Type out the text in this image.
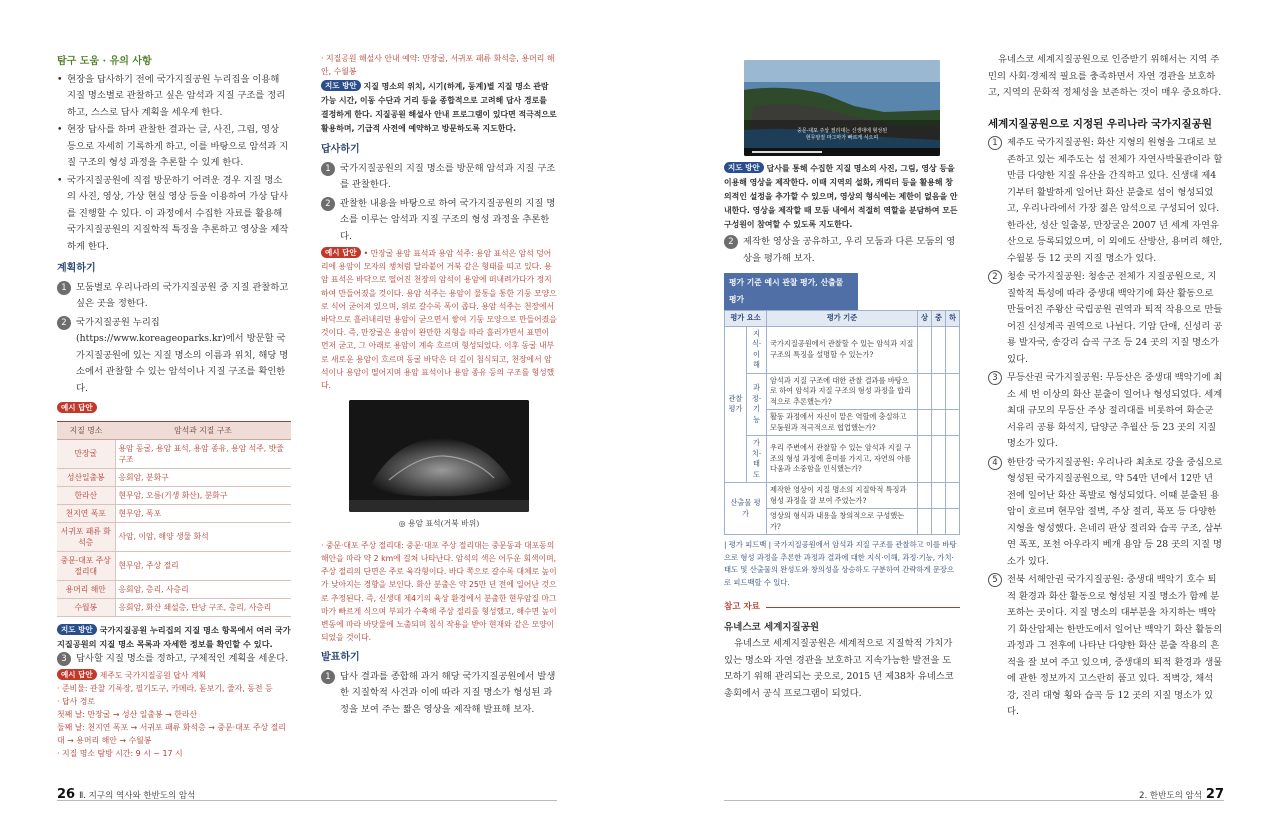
탐구 도움 · 유의 사항
• 현장을 답사하기 전에 국가지질공원 누리집을 이용해 지질 명소별로 관찰하고 싶은 암석과 지질 구조를 정리하고, 스스로 답사 계획을 세우게 한다.
• 현장 답사를 하며 관찰한 결과는 글, 사진, 그림, 영상 등으로 자세히 기록하게 하고, 이를 바탕으로 암석과 지질 구조의 형성 과정을 추론할 수 있게 한다.
• 국가지질공원에 직접 방문하기 어려운 경우 지질 명소의 사진, 영상, 가상 현실 영상 등을 이용하여 가상 답사를 진행할 수 있다. 이 과정에서 수집한 자료를 활용해 국가지질공원의 지질학적 특징을 추론하고 영상을 제작하게 한다.
계획하기
1 모둠별로 우리나라의 국가지질공원 중 지질 관찰하고 싶은 곳을 정한다.
2 국가지질공원 누리집(https://www.koreageoparks.kr)에서 방문할 국가지질공원에 있는 지질 명소의 이름과 위치, 해당 명소에서 관찰할 수 있는 암석이나 지질 구조를 확인한다.
예시 답안
지질 명소	암석과 지질 구조
만장굴	용암 동굴, 용암 표석, 용암 종유, 용암 석주, 밧줄 구조
성산일출봉	응회암, 분화구
한라산	현무암, 오름(기생 화산), 분화구
천지연 폭포	현무암, 폭포
서귀포 패류 화석층	사암, 이암, 해양 생물 화석
중문·대포 주상절리대	현무암, 주상 절리
용머리 해안	응회암, 층리, 사층리
수월봉	응회암, 화산 쇄설층, 탄낭 구조, 층리, 사층리
지도 방안 국가지질공원 누리집의 지질 명소 항목에서 여러 국가지질공원의 지질 명소 목록과 자세한 정보를 확인할 수 있다.
3 답사할 지질 명소를 정하고, 구체적인 계획을 세운다.
예시 답안 제주도 국가지질공원 답사 계획
· 준비물: 관찰 기록장, 필기도구, 카메라, 돋보기, 줄자, 동전 등
· 답사 경로
첫째 날: 만장굴 → 성산 일출봉 → 한라산
둘째 날: 천지연 폭포 → 서귀포 패류 화석층 → 중문·대포 주상 절리대 → 용머리 해안 → 수월봉
· 지질 명소 탐방 시간: 9 시 ~ 17 시
· 지질공원 해설사 안내 예약: 만장굴, 서귀포 패류 화석층, 용머리 해안, 수월봉
지도 방안 지질 명소의 위치, 시기(하계, 동계)별 지질 명소 관람 가능 시간, 이동 수단과 거리 등을 종합적으로 고려해 답사 경로를 결정하게 한다. 지질공원 해설사 안내 프로그램이 있다면 적극적으로 활용하며, 기급적 사전에 예약하고 방문하도록 지도한다.
답사하기
1 국가지질공원의 지질 명소를 방문해 암석과 지질 구조를 관찰한다.
2 관찰한 내용을 바탕으로 하여 국가지질공원의 지질 명소를 이루는 암석과 지질 구조의 형성 과정을 추론한다.
예시 답안 • 만장굴 용암 표석과 용암 석주: 용암 표석은 암석 덩어리에 용암이 모자의 챙처럼 달라붙어 거북 같은 형태를 띠고 있다. 용암 표석은 바닥으로 떨어진 천장의 암석이 용암에 떠내려가다가 정지하여 만들어졌을 것이다. 용암 석주는 용암이 물통을 통한 기둥 모양으로 식어 굳어져 있으며, 위로 갈수록 폭이 좁다. 용암 석주는 천장에서 바닥으로 흘러내리던 용암이 굳으면서 쌓여 기둥 모양으로 만들어졌을 것이다. 즉, 만장굴은 용암이 완만한 지형을 따라 흘러가면서 표면이 먼저 굳고, 그 아래로 용암이 계속 흐르며 형성되었다. 이후 동굴 내부로 새로운 용암이 흐르며 동굴 바닥은 더 깊이 침식되고, 천장에서 암석이나 용암이 떨어지며 용암 표석이나 용암 종유 등의 구조를 형성했다.
◎ 용암 표석(거북 바위)
· 중문·대포 주상 절리대: 중문·대포 주상 절리대는 중문동과 대포동의 해안을 따라 약 2 km에 걸쳐 나타난다. 암석의 색은 어두운 회색이며, 주상 절리의 단면은 주로 육각형이다. 바다 쪽으로 갈수록 대체로 높이가 낮아지는 경향을 보인다. 화산 분출은 약 25만 년 전에 일어난 것으로 추정된다. 즉, 신생대 제4기의 육상 환경에서 분출한 현무암질 마그마가 빠르게 식으며 부피가 수축해 주상 절리를 형성했고, 해수면 높이 변동에 따라 바닷물에 노출되며 침식 작용을 받아 현재와 같은 모양이 되었을 것이다.
발표하기
1 답사 결과를 종합해 과거 해당 국가지질공원에서 발생한 지질학적 사건과 이에 따라 지질 명소가 형성된 과정을 보여 주는 짧은 영상을 제작해 발표해 보자.
중문·대포 주상 절리대는 신생대에 형성된
현무암질 마그마가 빠르게 식으며
지도 방안 답사를 통해 수집한 지질 명소의 사진, 그림, 영상 등을 이용해 영상을 제작한다. 이때 지역의 설화, 캐릭터 등을 활용해 창의적인 설정을 추가할 수 있으며, 영상의 형식에는 제한이 없음을 안내한다. 영상을 제작할 때 모둠 내에서 적절히 역할을 분담하여 모든 구성원이 참여할 수 있도록 지도한다.
2 제작한 영상을 공유하고, 우리 모둠과 다른 모둠의 영상을 평가해 보자.
평가 기준 예시 관찰 평가, 산출물 평가
평가 요소		평가 기준	상	중	하
관찰 평가	지식·이해	국가지질공원에서 관찰할 수 있는 암석과 지질 구조의 특징을 설명할 수 있는가?			
	과정·기능	암석과 지질 구조에 대한 관찰 결과를 바탕으로 하여 암석과 지질 구조의 형성 과정을 합리적으로 추론했는가?			
		활동 과정에서 자신이 맡은 역할에 충실하고 모둠원과 적극적으로 협업했는가?			
	가치·태도	우리 주변에서 관찰할 수 있는 암석과 지질 구조의 형성 과정에 흥미를 가지고, 자연의 아름다움과 소중함을 인식했는가?			
산출물 평가		제작한 영상이 지질 명소의 지질학적 특징과 형성 과정을 잘 보여 주었는가?			
		영상의 형식과 내용을 창의적으로 구성했는가?			
| 평가 피드백 | 국가지질공원에서 암석과 지질 구조를 관찰하고 이를 바탕으로 형성 과정을 추론한 과정과 결과에 대한 지식·이해, 과정·기능, 가치·태도 및 산출물의 완성도와 창의성을 상승하도 구분하여 간략하게 문장으로 피드백할 수 있다.
참고 자료
유네스코 세계지질공원
유네스코 세계지질공원은 세계적으로 지질학적 가치가 있는 명소와 자연 경관을 보호하고 지속가능한 발전을 도모하기 위해 관리되는 곳으로, 2015 년 제38차 유네스코 총회에서 공식 프로그램이 되었다.
유네스코 세계지질공원으로 인증받기 위해서는 지역 주민의 사회·경제적 필요를 충족하면서 자연 경관을 보호하고, 지역의 문화적 정체성을 보존하는 것이 매우 중요하다.
세계지질공원으로 지정된 우리나라 국가지질공원
1 제주도 국가지질공원: 화산 지형의 원형을 그대로 보존하고 있는 제주도는 섬 전체가 자연사박물관이라 할 만큼 다양한 지질 유산을 간직하고 있다. 신생대 제4기부터 활발하게 일어난 화산 분출로 섬이 형성되었고, 우리나라에서 가장 젊은 암석으로 구성되어 있다. 한라산, 성산 일출봉, 만장굴은 2007 년 세계 자연유산으로 등록되었으며, 이 외에도 산방산, 용머리 해안, 수월봉 등 12 곳의 지질 명소가 있다.
2 청송 국가지질공원: 청송군 전체가 지질공원으로, 지질학적 특성에 따라 중생대 백악기에 화산 활동으로 만들어진 주왕산 국립공원 권역과 퇴적 작용으로 만들어진 신성계곡 권역으로 나뉜다. 기암 단애, 신성리 공룡 발자국, 송강리 습곡 구조 등 24 곳의 지질 명소가 있다.
3 무등산권 국가지질공원: 무등산은 중생대 백악기에 최소 세 번 이상의 화산 분출이 일어나 형성되었다. 세계 최대 규모의 무등산 주상 절리대를 비롯하여 화순군 서유리 공룡 화석지, 담양군 추월산 등 23 곳의 지질 명소가 있다.
4 한탄강 국가지질공원: 우리나라 최초로 강을 중심으로 형성된 국가지질공원으로, 약 54만 년에서 12만 년 전에 일어난 화산 폭발로 형성되었다. 이때 분출된 용암이 흐르며 현무암 절벽, 주상 절리, 폭포 등 다양한 지형을 형성했다. 은네리 판상 절리와 습곡 구조, 삼부연 폭포, 포천 아우라지 베개 용암 등 28 곳의 지질 명소가 있다.
5 전북 서해안권 국가지질공원: 중생대 백악기 호수 퇴적 환경과 화산 활동으로 형성된 지질 명소가 함께 분포하는 곳이다. 지질 명소의 대부분을 차지하는 백악기 화산암체는 한반도에서 일어난 백악기 화산 활동의 과정과 그 전후에 나타난 다양한 화산 분출 작용의 흔적을 잘 보여 주고 있으며, 중생대의 퇴적 환경과 생물에 관한 정보까지 고스란히 품고 있다. 적벽강, 채석강, 진리 대형 횡와 습곡 등 12 곳의 지질 명소가 있다.
26 Ⅱ. 지구의 역사와 한반도의 암석	2. 한반도의 암석 27
